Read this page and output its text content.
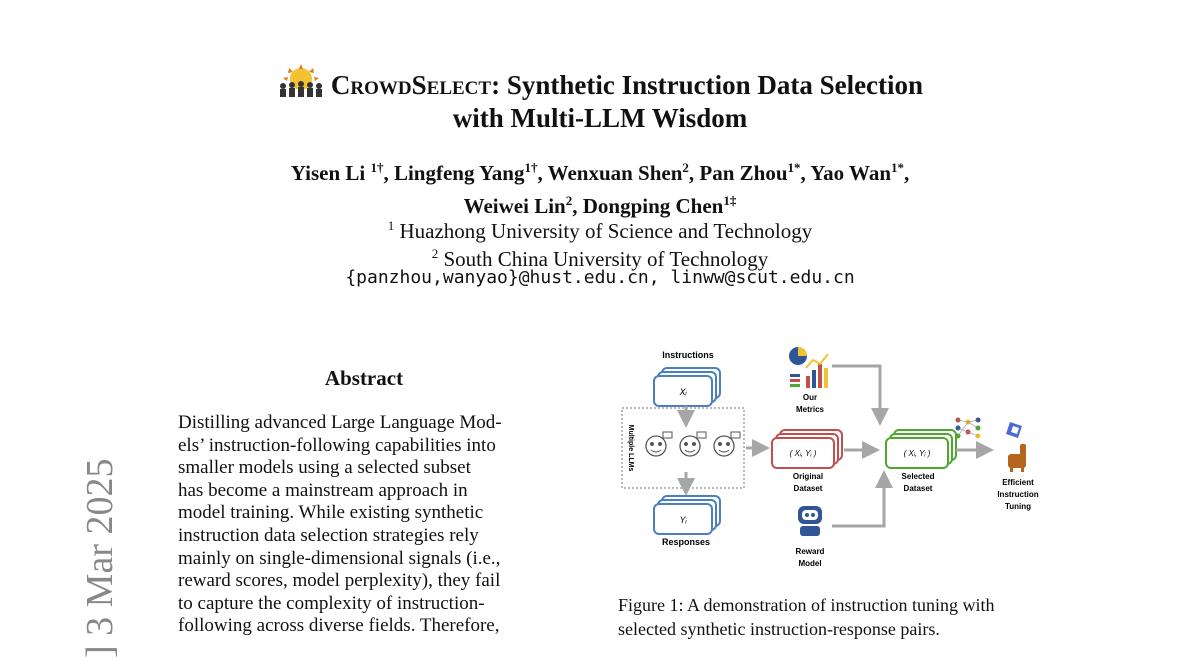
] 3 Mar 2025
CrowdSelect: Synthetic Instruction Data Selection
with Multi-LLM Wisdom
Yisen Li $^{1\dagger}$, Lingfeng Yang$^{1\dagger}$, Wenxuan Shen$^2$, Pan Zhou$^{1*}$, Yao Wan$^{1*}$,
Weiwei Lin$^2$, Dongping Chen$^{1\ddagger}$
$^1$ Huazhong University of Science and Technology
$^2$ South China University of Technology
{panzhou,wanyao}@hust.edu.cn, linww@scut.edu.cn
Abstract

Distilling advanced Large Language Mod-

els’ instruction-following capabilities into

smaller models using a selected subset

has become a mainstream approach in

model training. While existing synthetic

instruction data selection strategies rely

mainly on single-dimensional signals (i.e.,

reward scores, model perplexity), they fail

to capture the complexity of instruction-

following across diverse fields. Therefore,

Instructions
Xᵢ
Multiple LLMs
Yᵢ
Responses
Our
Metrics
( Xᵢ, Yᵢ )
Original
Dataset
Reward
Model
( Xᵢ, Yᵢ )
Selected
Dataset
Efficient
Instruction
Tuning
Figure 1: A demonstration of instruction tuning with
selected synthetic instruction-response pairs.
